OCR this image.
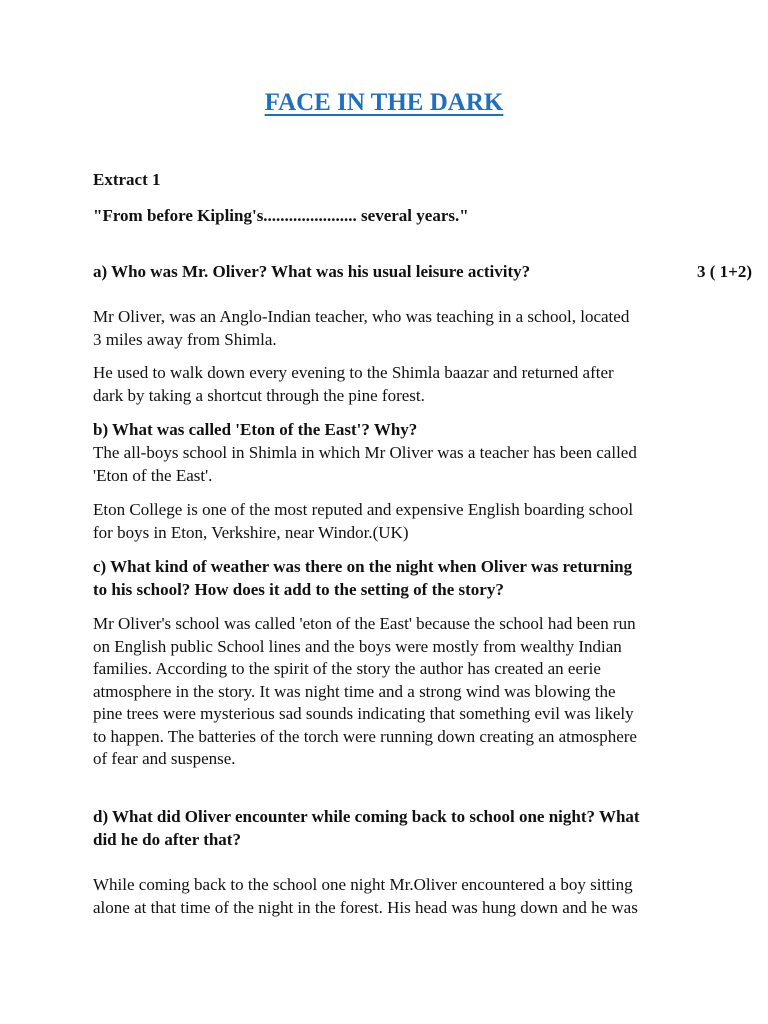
FACE IN THE DARK
Extract 1
"From before Kipling's...................... several years."
a) Who was Mr. Oliver? What was his usual leisure activity?	3 ( 1+2)
Mr Oliver, was an Anglo-Indian teacher, who was teaching in a school, located
3 miles away from Shimla.
He used to walk down every evening to the Shimla baazar and returned after
dark by taking a shortcut through the pine forest.
b) What was called 'Eton of the East'? Why?
The all-boys school in Shimla in which Mr Oliver was a teacher has been called
'Eton of the East'.
Eton College is one of the most reputed and expensive English boarding school
for boys in Eton, Verkshire, near Windor.(UK)
c) What kind of weather was there on the night when Oliver was returning
to his school? How does it add to the setting of the story?
Mr Oliver's school was called 'eton of the East' because the school had been run
on English public School lines and the boys were mostly from wealthy Indian
families. According to the spirit of the story the author has created an eerie
atmosphere in the story. It was night time and a strong wind was blowing the
pine trees were mysterious sad sounds indicating that something evil was likely
to happen. The batteries of the torch were running down creating an atmosphere
of fear and suspense.
d) What did Oliver encounter while coming back to school one night? What
did he do after that?
While coming back to the school one night Mr.Oliver encountered a boy sitting
alone at that time of the night in the forest. His head was hung down and he was
